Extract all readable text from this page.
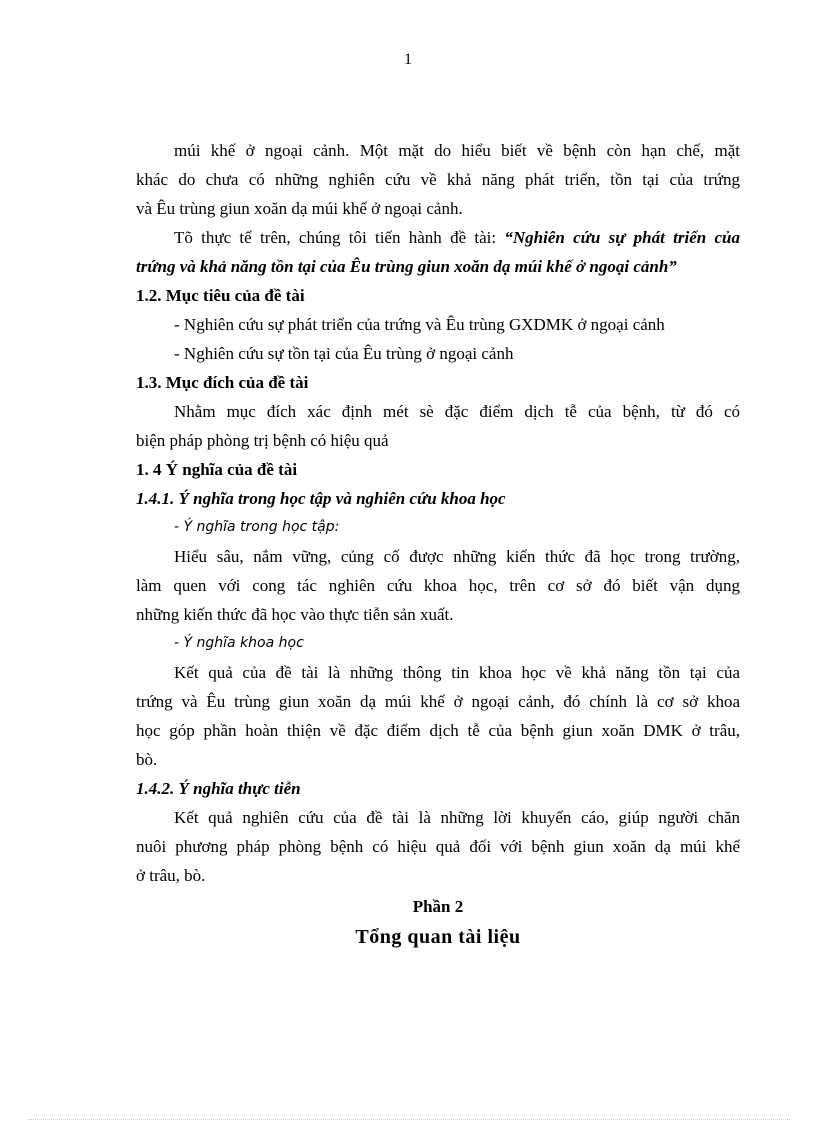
1

múi khế ở ngoại cảnh. Một mặt do hiểu biết về bệnh còn hạn chế, mặt

khác do chưa có những nghiên cứu về khả năng phát triển, tồn tại của trứng

và Êu trùng giun xoăn dạ múi khế ở ngoại cảnh.

Tõ thực tế trên, chúng tôi tiến hành đề tài: “Nghiên cứu sự phát triển của

trứng và khả năng tồn tại của Êu trùng giun xoăn dạ múi khế ở ngoại cảnh”

1.2. Mục tiêu của đề tài

- Nghiên cứu sự phát triển của trứng và Êu trùng GXDMK ở ngoại cảnh

- Nghiên cứu sự tồn tại của Êu trùng ở ngoại cảnh

1.3. Mục đích của đề tài

Nhằm mục đích xác định mét sè đặc điểm dịch tễ của bệnh, từ đó có

biện pháp phòng trị bệnh có hiệu quả

1. 4 Ý nghĩa của đề tài

1.4.1. Ý nghĩa trong học tập và nghiên cứu khoa học

- Ý nghĩa trong học tập:

Hiểu sâu, nắm vững, củng cố được những kiến thức đã học trong trường,

làm quen với cong tác nghiên cứu khoa học, trên cơ sở đó biết vận dụng

những kiến thức đã học vào thực tiễn sản xuất.

- Ý nghĩa khoa học

Kết quả của đề tài là những thông tin khoa học về khả năng tồn tại của

trứng và Êu trùng giun xoăn dạ múi khế ở ngoại cảnh, đó chính là cơ sở khoa

học góp phần hoàn thiện về đặc điểm dịch tễ của bệnh giun xoăn DMK ở trâu,

bò.

1.4.2. Ý nghĩa thực tiễn

Kết quả nghiên cứu của đề tài là những lời khuyến cáo, giúp người chăn

nuôi phương pháp phòng bệnh có hiệu quả đối với bệnh giun xoăn dạ múi khế

ở trâu, bò.

Phần 2

Tổng quan tài liệu
